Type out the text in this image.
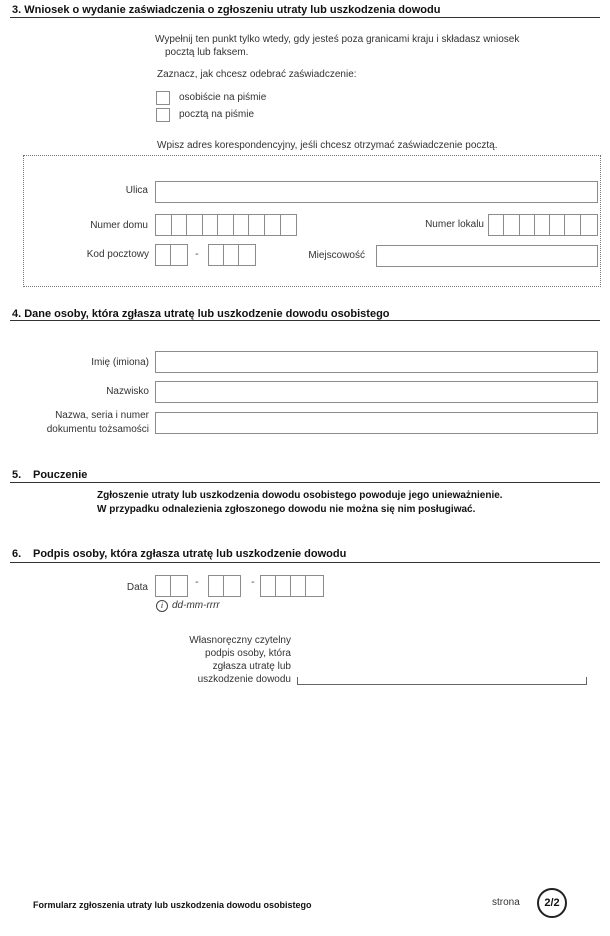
3. Wniosek o wydanie zaświadczenia o zgłoszeniu utraty lub uszkodzenia dowodu
Wypełnij ten punkt tylko wtedy, gdy jesteś poza granicami kraju i składasz wniosek
pocztą lub faksem.
Zaznacz, jak chcesz odebrać zaświadczenie:
osobiście na piśmie
pocztą na piśmie
Wpisz adres korespondencyjny, jeśli chcesz otrzymać zaświadczenie pocztą.
Ulica
Numer domu	Numer lokalu
Kod pocztowy	-	Miejscowość
4. Dane osoby, która zgłasza utratę lub uszkodzenie dowodu osobistego
Imię (imiona)
Nazwisko
Nazwa, seria i numer
dokumentu tożsamości
5. Pouczenie
Zgłoszenie utraty lub uszkodzenia dowodu osobistego powoduje jego unieważnienie.
W przypadku odnalezienia zgłoszonego dowodu nie można się nim posługiwać.
6. Podpis osoby, która zgłasza utratę lub uszkodzenie dowodu
Data	-	-
i dd-mm-rrrr
Własnoręczny czytelny
podpis osoby, która
zgłasza utratę lub
uszkodzenie dowodu
Formularz zgłoszenia utraty lub uszkodzenia dowodu osobistego	strona	2/2
